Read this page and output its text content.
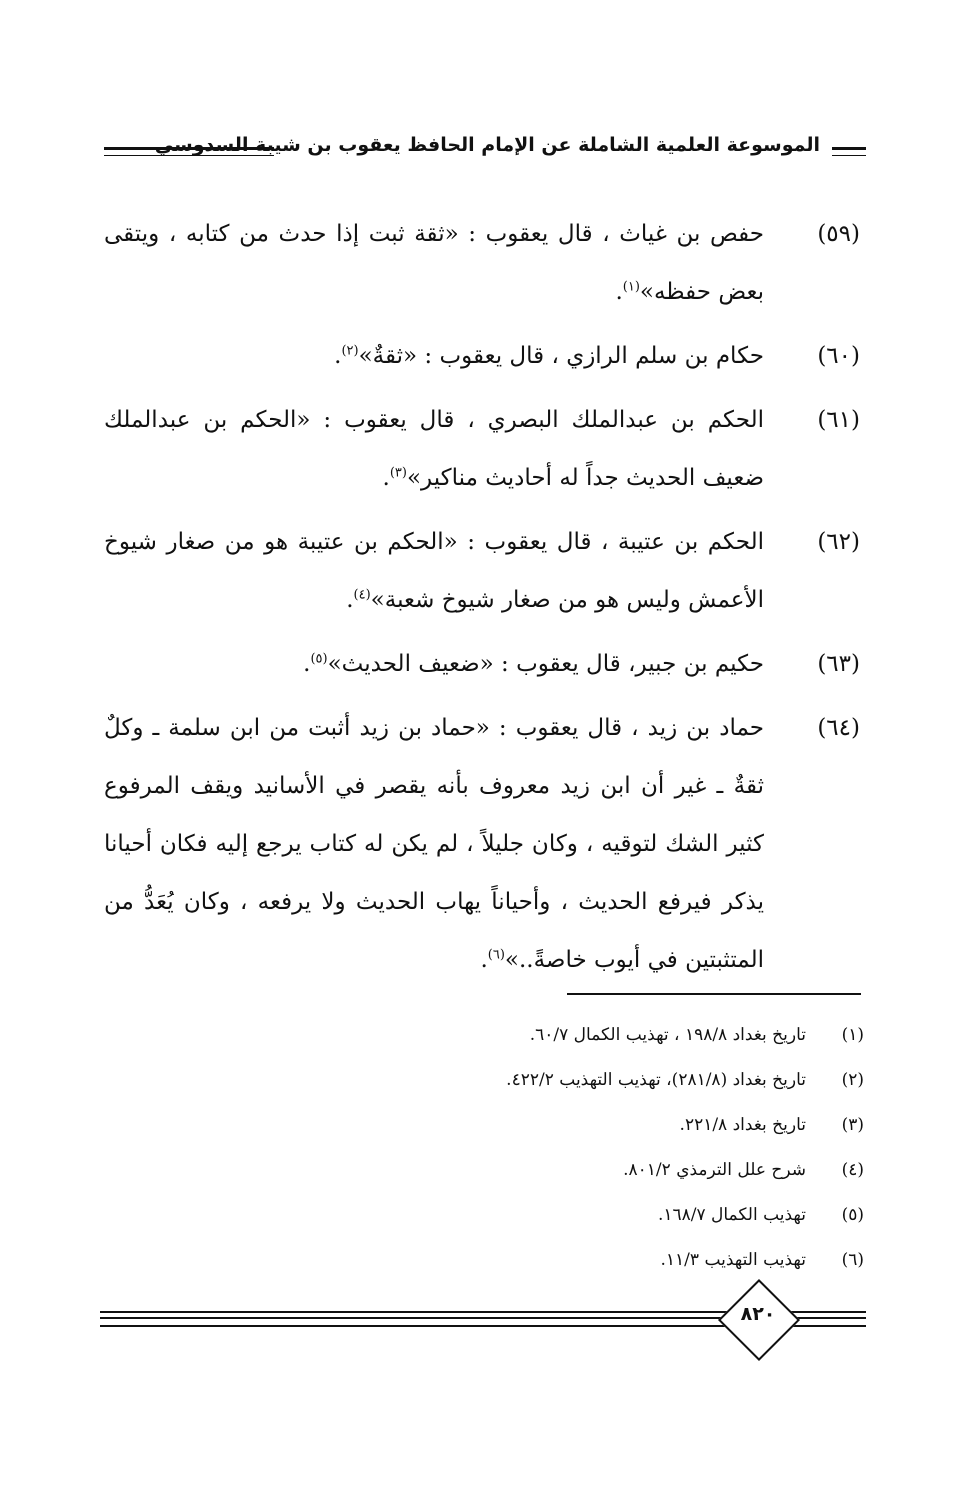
الموسوعة العلمية الشاملة عن الإمام الحافظ يعقوب بن شيبة السدوسي
(٥٩)
حفص بن غياث ، قال يعقوب : «ثقة ثبت إذا حدث من كتابه ، ويتقى بعض حفظه»$^{(١)}$.
(٦٠)
حكام بن سلم الرازي ، قال يعقوب : «ثقةٌ»$^{(٢)}$.
(٦١)
الحكم بن عبدالملك البصري ، قال يعقوب : «الحكم بن عبدالملك ضعيف الحديث جداً له أحاديث مناكير»$^{(٣)}$.
(٦٢)
الحكم بن عتيبة ، قال يعقوب : «الحكم بن عتيبة هو من صغار شيوخ الأعمش وليس هو من صغار شيوخ شعبة»$^{(٤)}$.
(٦٣)
حكيم بن جبير، قال يعقوب : «ضعيف الحديث»$^{(٥)}$.
(٦٤)
حماد بن زيد ، قال يعقوب : «حماد بن زيد أثبت من ابن سلمة ـ وكلٌ ثقةٌ ـ غير أن ابن زيد معروف بأنه يقصر في الأسانيد ويقف المرفوع كثير الشك لتوقيه ، وكان جليلاً ، لم يكن له كتاب يرجع إليه فكان أحيانا يذكر فيرفع الحديث ، وأحياناً يهاب الحديث ولا يرفعه ، وكان يُعَدُّ من المتثبتين في أيوب خاصةً..»$^{(٦)}$.
(١)
تاريخ بغداد ١٩٨/٨ ، تهذيب الكمال ٦٠/٧.
(٢)
تاريخ بغداد (٢٨١/٨)، تهذيب التهذيب ٤٢٢/٢.
(٣)
تاريخ بغداد ٢٢١/٨.
(٤)
شرح علل الترمذي ٨٠١/٢.
(٥)
تهذيب الكمال ١٦٨/٧.
(٦)
تهذيب التهذيب ١١/٣.
٨٢٠
